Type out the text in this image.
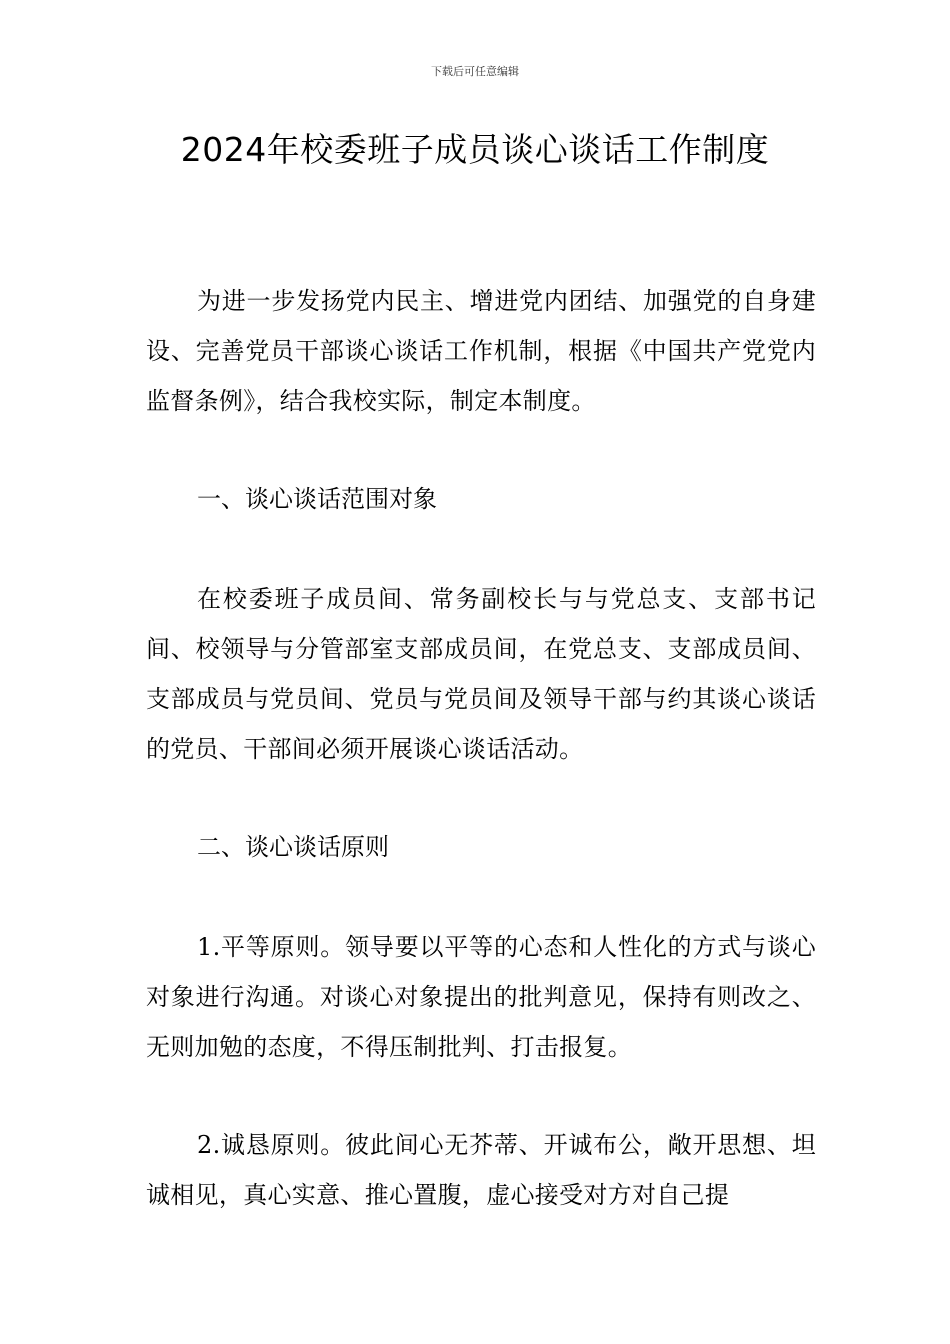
下载后可任意编辑
2024年校委班子成员谈心谈话工作制度

为进一步发扬党内民主、增进党内团结、加强党的自身建设、完善党员干部谈心谈话工作机制，根据《中国共产党党内监督条例》，结合我校实际，制定本制度。

一、谈心谈话范围对象

在校委班子成员间、常务副校长与与党总支、支部书记间、校领导与分管部室支部成员间，在党总支、支部成员间、支部成员与党员间、党员与党员间及领导干部与约其谈心谈话的党员、干部间必须开展谈心谈话活动。

二、谈心谈话原则

1.平等原则。领导要以平等的心态和人性化的方式与谈心对象进行沟通。对谈心对象提出的批判意见，保持有则改之、无则加勉的态度，不得压制批判、打击报复。

2.诚恳原则。彼此间心无芥蒂、开诚布公，敞开思想、坦诚相见，真心实意、推心置腹，虚心接受对方对自己提
